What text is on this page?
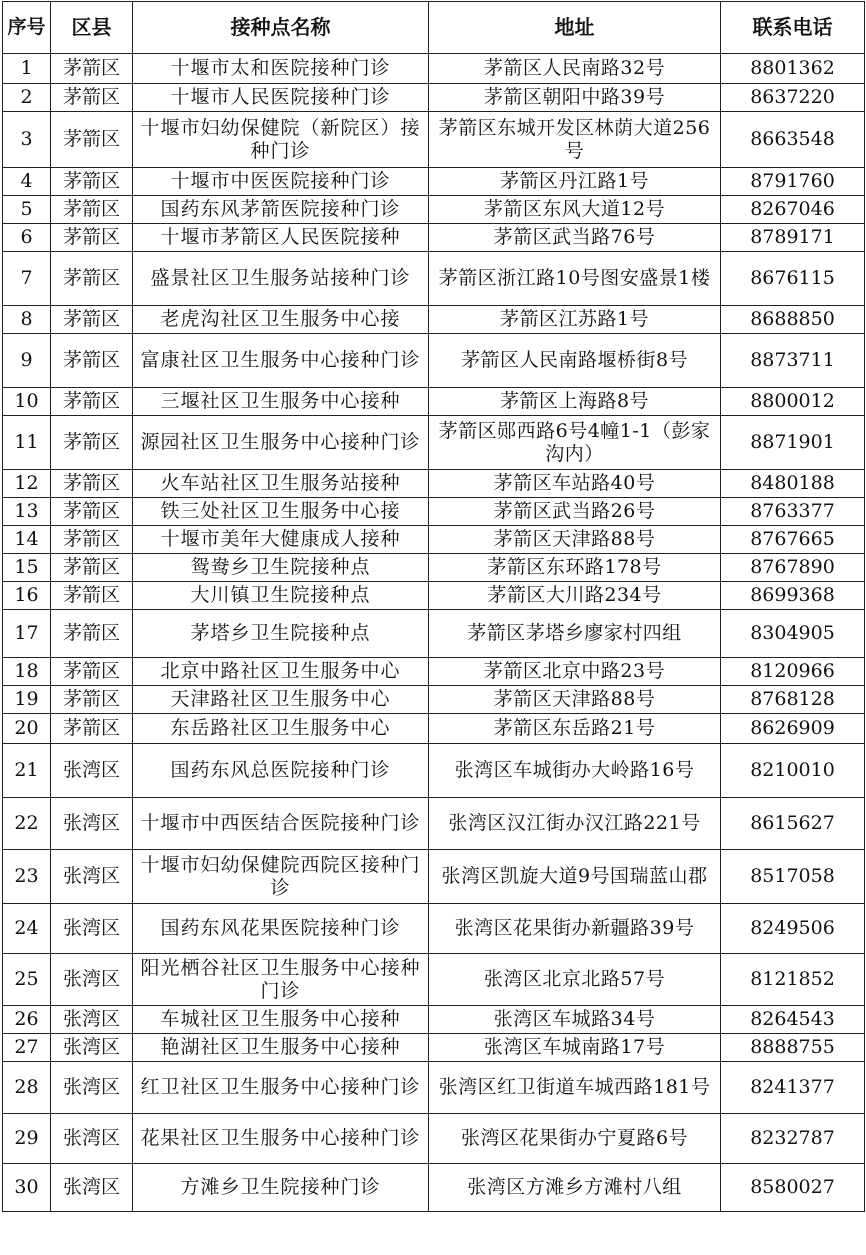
序号	区县	接种点名称	地址	联系电话
1	茅箭区	十堰市太和医院接种门诊	茅箭区人民南路32号	8801362
2	茅箭区	十堰市人民医院接种门诊	茅箭区朝阳中路39号	8637220
3	茅箭区	十堰市妇幼保健院（新院区）接种门诊	茅箭区东城开发区林荫大道256号	8663548
4	茅箭区	十堰市中医医院接种门诊	茅箭区丹江路1号	8791760
5	茅箭区	国药东风茅箭医院接种门诊	茅箭区东风大道12号	8267046
6	茅箭区	十堰市茅箭区人民医院接种	茅箭区武当路76号	8789171
7	茅箭区	盛景社区卫生服务站接种门诊	茅箭区浙江路10号图安盛景1楼	8676115
8	茅箭区	老虎沟社区卫生服务中心接	茅箭区江苏路1号	8688850
9	茅箭区	富康社区卫生服务中心接种门诊	茅箭区人民南路堰桥街8号	8873711
10	茅箭区	三堰社区卫生服务中心接种	茅箭区上海路8号	8800012
11	茅箭区	源园社区卫生服务中心接种门诊	茅箭区郧西路6号4幢1-1（彭家沟内）	8871901
12	茅箭区	火车站社区卫生服务站接种	茅箭区车站路40号	8480188
13	茅箭区	铁三处社区卫生服务中心接	茅箭区武当路26号	8763377
14	茅箭区	十堰市美年大健康成人接种	茅箭区天津路88号	8767665
15	茅箭区	鸳鸯乡卫生院接种点	茅箭区东环路178号	8767890
16	茅箭区	大川镇卫生院接种点	茅箭区大川路234号	8699368
17	茅箭区	茅塔乡卫生院接种点	茅箭区茅塔乡廖家村四组	8304905
18	茅箭区	北京中路社区卫生服务中心	茅箭区北京中路23号	8120966
19	茅箭区	天津路社区卫生服务中心	茅箭区天津路88号	8768128
20	茅箭区	东岳路社区卫生服务中心	茅箭区东岳路21号	8626909
21	张湾区	国药东风总医院接种门诊	张湾区车城街办大岭路16号	8210010
22	张湾区	十堰市中西医结合医院接种门诊	张湾区汉江街办汉江路221号	8615627
23	张湾区	十堰市妇幼保健院西院区接种门诊	张湾区凯旋大道9号国瑞蓝山郡	8517058
24	张湾区	国药东风花果医院接种门诊	张湾区花果街办新疆路39号	8249506
25	张湾区	阳光栖谷社区卫生服务中心接种门诊	张湾区北京北路57号	8121852
26	张湾区	车城社区卫生服务中心接种	张湾区车城路34号	8264543
27	张湾区	艳湖社区卫生服务中心接种	张湾区车城南路17号	8888755
28	张湾区	红卫社区卫生服务中心接种门诊	张湾区红卫街道车城西路181号	8241377
29	张湾区	花果社区卫生服务中心接种门诊	张湾区花果街办宁夏路6号	8232787
30	张湾区	方滩乡卫生院接种门诊	张湾区方滩乡方滩村八组	8580027
